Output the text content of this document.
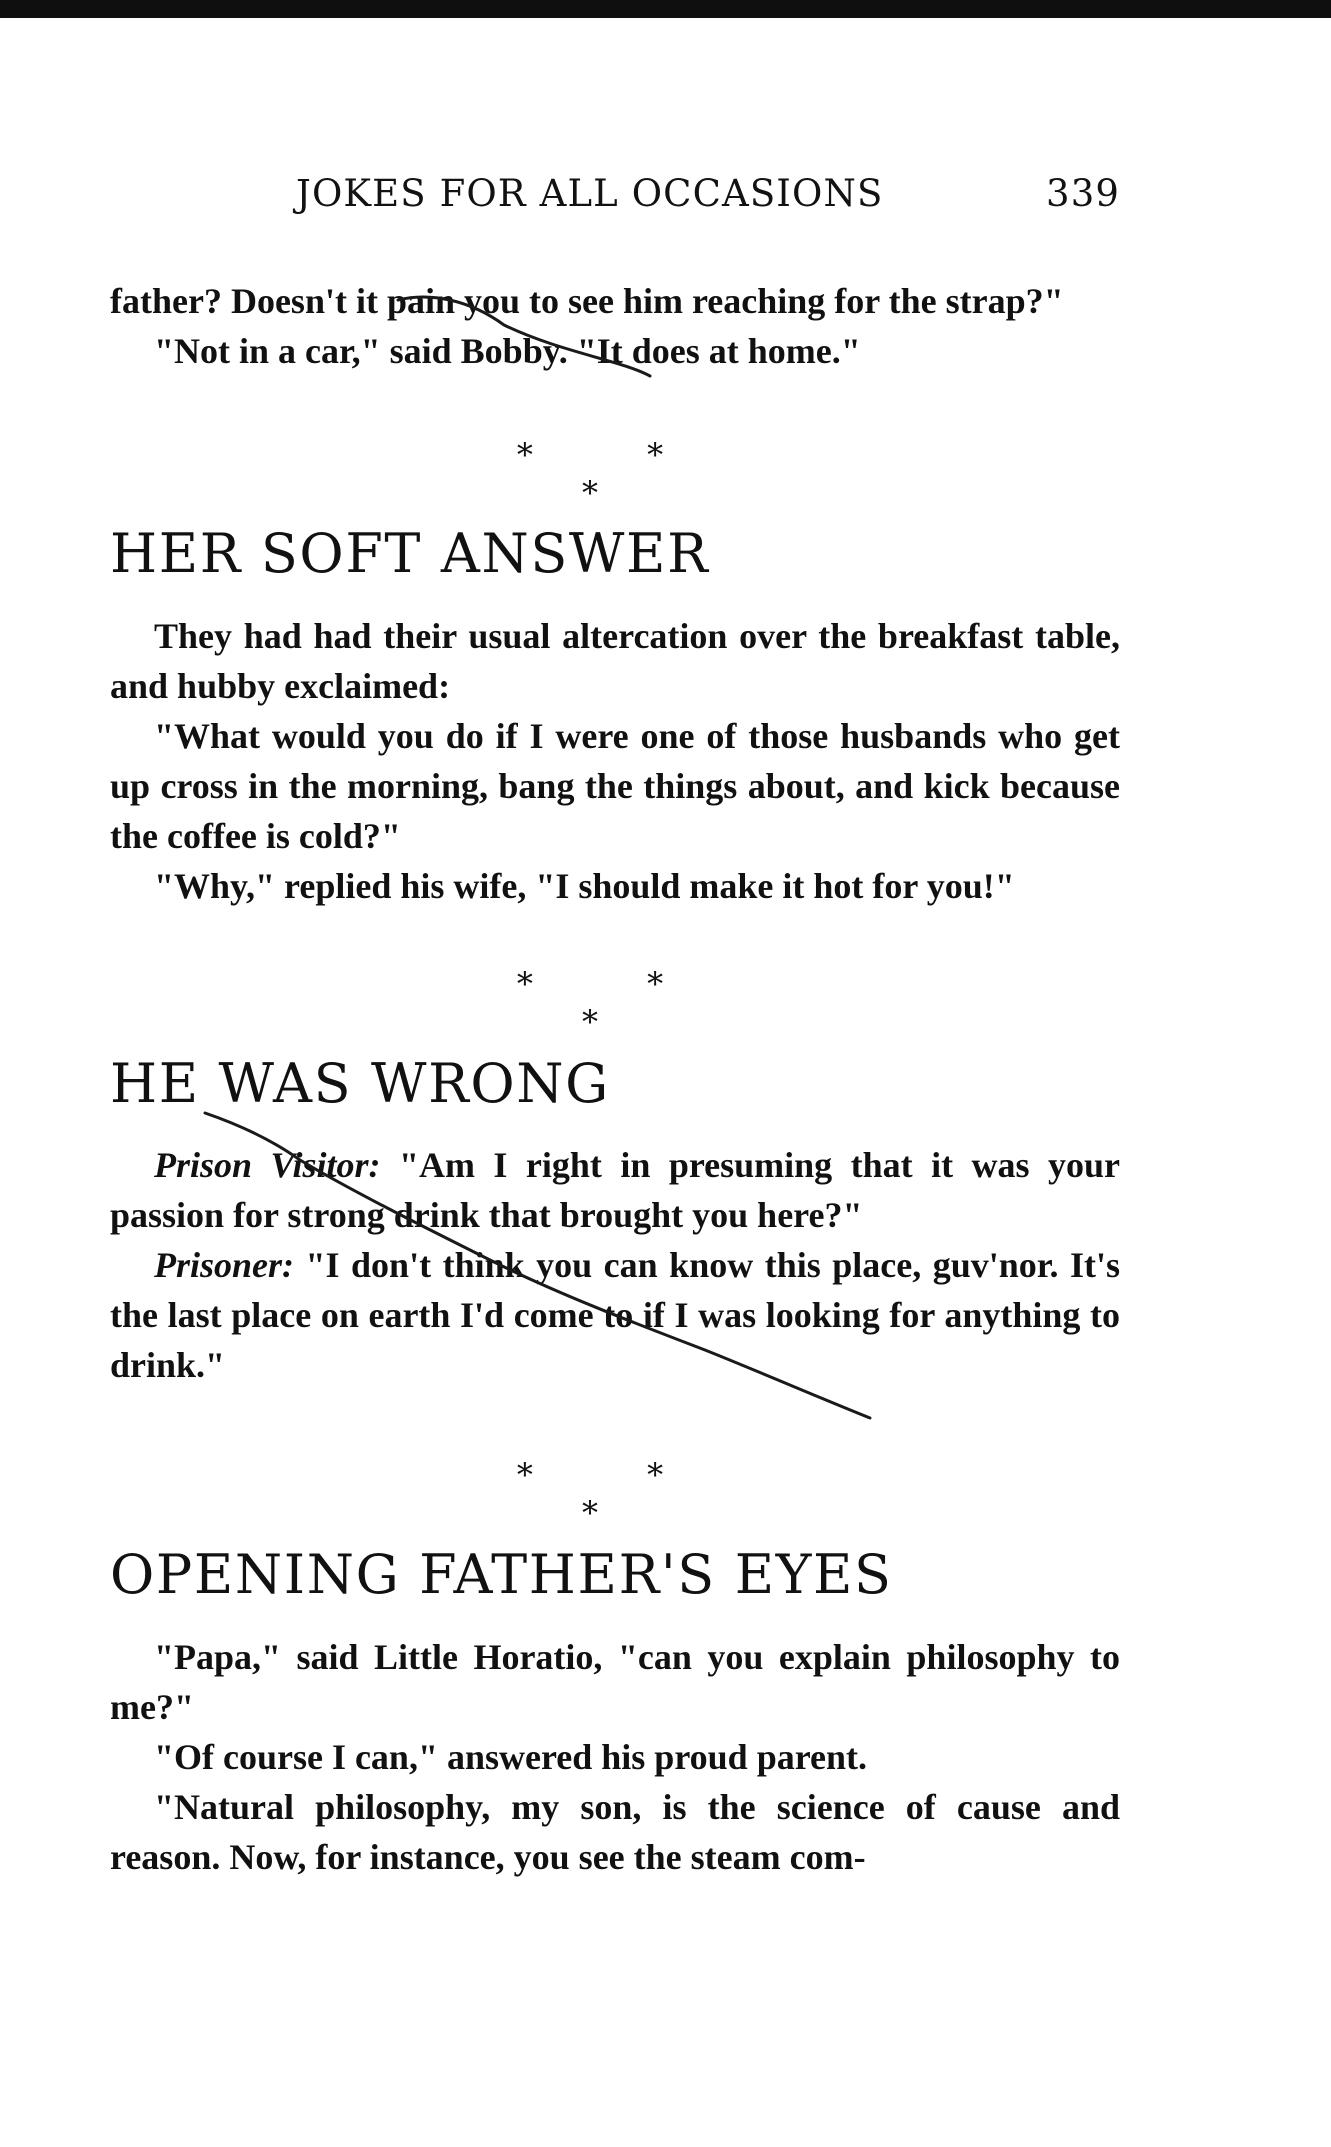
JOKES FOR ALL OCCASIONS	339

father? Doesn't it pain you to see him reaching for the strap?"

"Not in a car," said Bobby. "It does at home."

* * *
HER SOFT ANSWER

They had had their usual altercation over the breakfast table, and hubby exclaimed:

"What would you do if I were one of those husbands who get up cross in the morning, bang the things about, and kick because the coffee is cold?"

"Why," replied his wife, "I should make it hot for you!"

* * *
HE WAS WRONG

Prison Visitor: "Am I right in presuming that it was your passion for strong drink that brought you here?"

Prisoner: "I don't think you can know this place, guv'nor. It's the last place on earth I'd come to if I was looking for anything to drink."

* * *
OPENING FATHER'S EYES

"Papa," said Little Horatio, "can you explain philosophy to me?"

"Of course I can," answered his proud parent.

"Natural philosophy, my son, is the science of cause and reason. Now, for instance, you see the steam com-
